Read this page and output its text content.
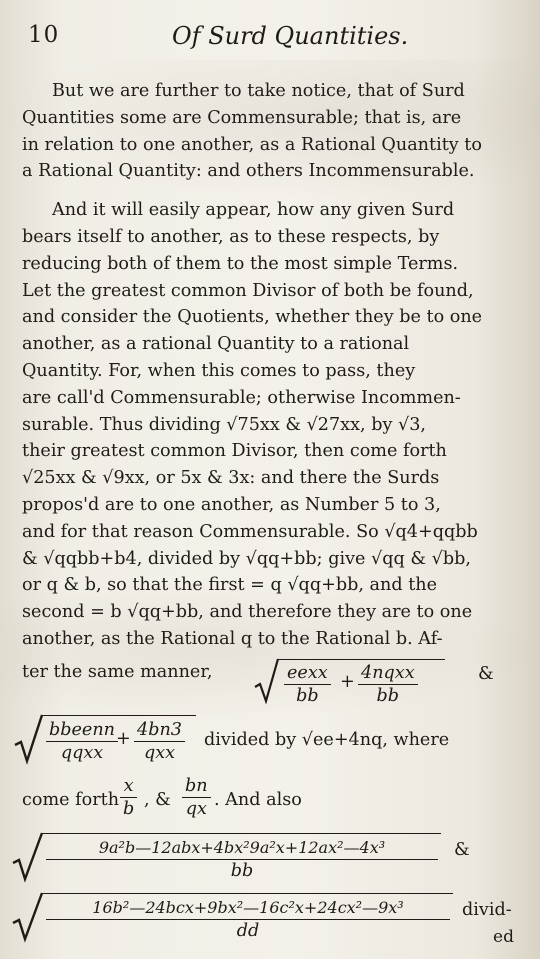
10	Of Surd Quantities.
But we are further to take notice, that of Surd
Quantities some are Commensurable; that is, are
in relation to one another, as a Rational Quantity to
a Rational Quantity: and others Incommensurable.
And it will easily appear, how any given Surd
bears itself to another, as to these respects, by
reducing both of them to the most simple Terms.
Let the greatest common Divisor of both be found,
and consider the Quotients, whether they be to one
another, as a rational Quantity to a rational
Quantity. For, when this comes to pass, they
are call'd Commensurable; otherwise Incommen-
surable. Thus dividing √75xx & √27xx, by √3,
their greatest common Divisor, then come forth
√25xx & √9xx, or 5x & 3x: and there the Surds
propos'd are to one another, as Number 5 to 3,
and for that reason Commensurable. So √q4+qqbb
& √qqbb+b4, divided by √qq+bb; give √qq & √bb,
or q & b, so that the first = q √qq+bb, and the
second = b √qq+bb, and therefore they are to one
another, as the Rational q to the Rational b. Af-
ter the same manner,	eexx
bb
+ 4nqxx
bb
&
bbeenn
qqxx
+ 4bn3
qxx
divided by √ee+4nq, where
come forth $\frac{x}{b}$ , & $\frac{bn}{qx}$ . And also
9a²b—12abx+4bx²9a²x+12ax²—4x³
bb
&
16b²—24bcx+9bx²—16c²x+24cx²—9x³
dd
divid-
ed
